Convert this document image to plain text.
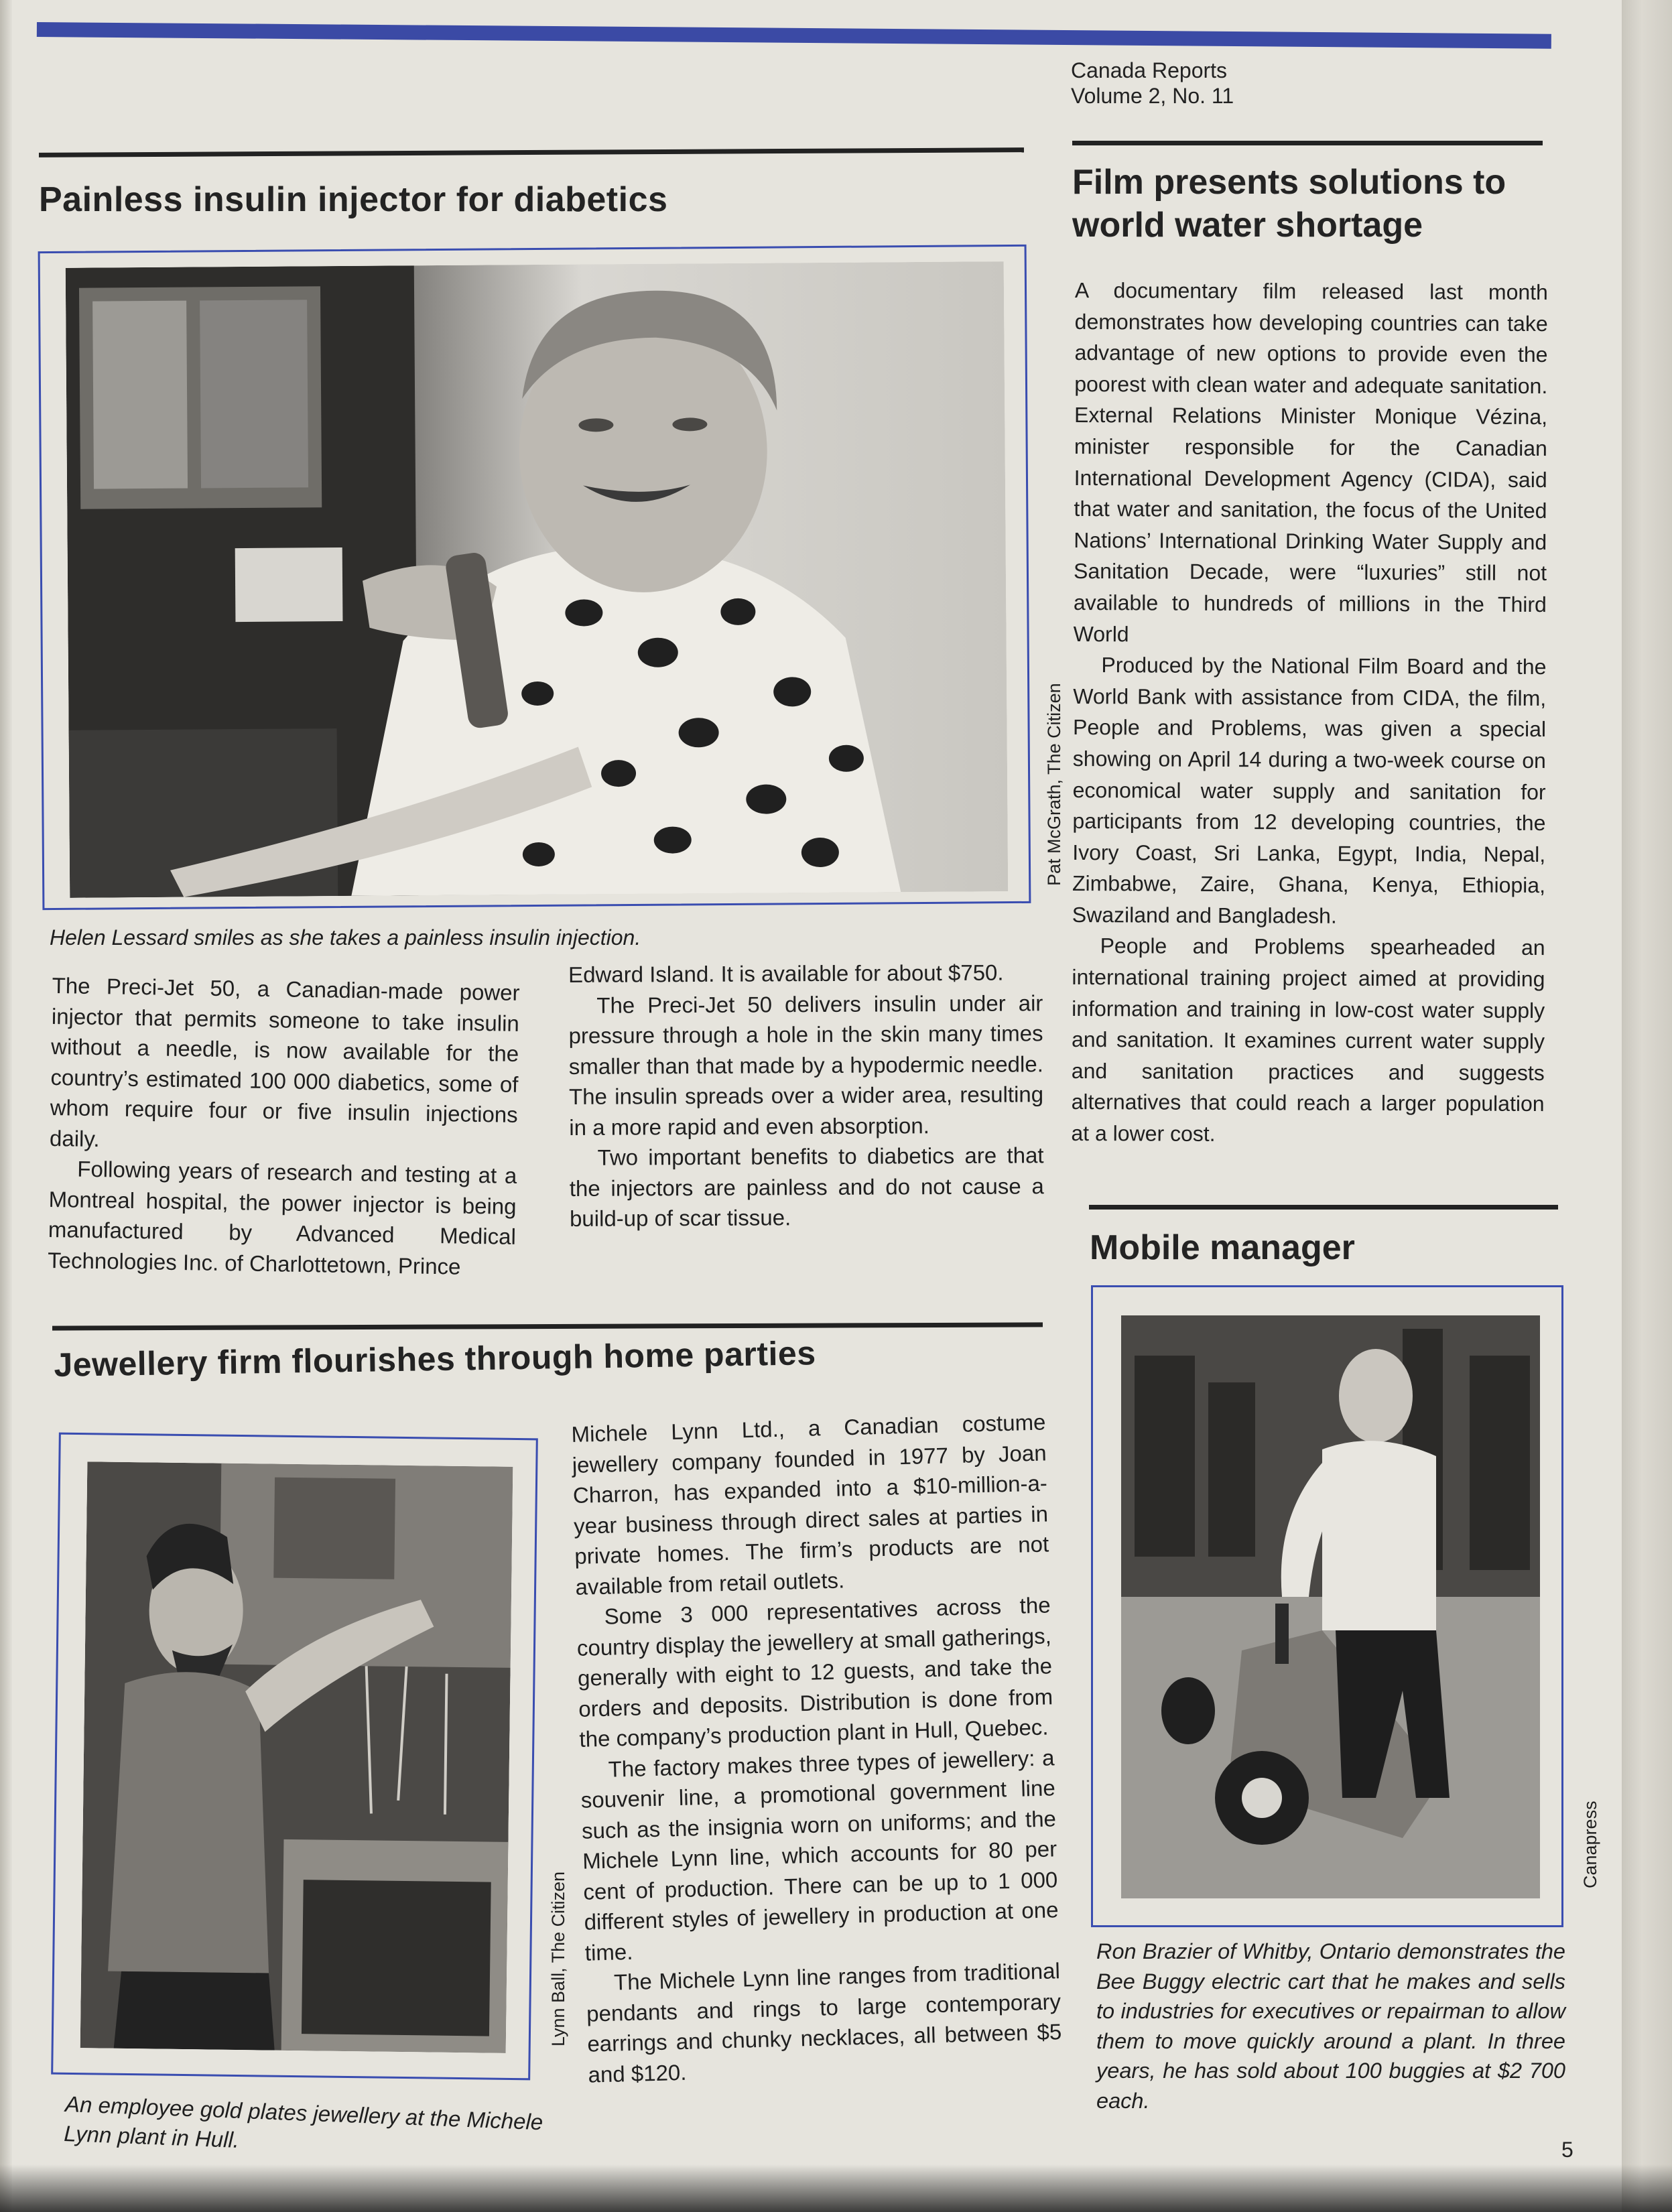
Canada Reports
Volume 2, No. 11
Painless insulin injector for diabetics
Pat McGrath, The Citizen
Helen Lessard smiles as she takes a painless insulin injection.

The Preci-Jet 50, a Canadian-made power injector that permits someone to take insulin without a needle, is now available for the country’s estimated 100 000 diabetics, some of whom require four or five insulin injections daily.

Following years of research and testing at a Montreal hospital, the power injector is being manufactured by Advanced Medical Technologies Inc. of Charlottetown, Prince

Edward Island. It is available for about $750.

The Preci-Jet 50 delivers insulin under air pressure through a hole in the skin many times smaller than that made by a hypodermic needle. The insulin spreads over a wider area, resulting in a more rapid and even absorption.

Two important benefits to diabetics are that the injectors are painless and do not cause a build-up of scar tissue.

Film presents solutions to world water shortage

A documentary film released last month demonstrates how developing countries can take advantage of new options to provide even the poorest with clean water and adequate sanitation. External Relations Minister Monique Vézina, minister responsible for the Canadian International Development Agency (CIDA), said that water and sanitation, the focus of the United Nations’ International Drinking Water Supply and Sanitation Decade, were “luxuries” still not available to hundreds of millions in the Third World

Produced by the National Film Board and the World Bank with assistance from CIDA, the film, People and Problems, was given a special showing on April 14 during a two-week course on economical water supply and sanitation for participants from 12 developing countries, the Ivory Coast, Sri Lanka, Egypt, India, Nepal, Zimbabwe, Zaire, Ghana, Kenya, Ethiopia, Swaziland and Bangladesh.

People and Problems spearheaded an international training project aimed at providing information and training in low-cost water supply and sanitation. It examines current water supply and sanitation practices and suggests alternatives that could reach a larger population at a lower cost.

Mobile manager
Canapress
Ron Brazier of Whitby, Ontario demonstrates the Bee Buggy electric cart that he makes and sells to industries for executives or repairman to allow them to move quickly around a plant. In three years, he has sold about 100 buggies at $2 700 each.
Jewellery firm flourishes through home parties
Lynn Ball, The Citizen
An employee gold plates jewellery at the Michele Lynn plant in Hull.

Michele Lynn Ltd., a Canadian costume jewellery company founded in 1977 by Joan Charron, has expanded into a $10-million-a-year business through direct sales at parties in private homes. The firm’s products are not available from retail outlets.

Some 3 000 representatives across the country display the jewellery at small gatherings, generally with eight to 12 guests, and take the orders and deposits. Distribution is done from the company’s production plant in Hull, Quebec.

The factory makes three types of jewellery: a souvenir line, a promotional government line such as the insignia worn on uniforms; and the Michele Lynn line, which accounts for 80 per cent of production. There can be up to 1 000 different styles of jewellery in production at one time.

The Michele Lynn line ranges from traditional pendants and rings to large contemporary earrings and chunky necklaces, all between $5 and $120.

5
